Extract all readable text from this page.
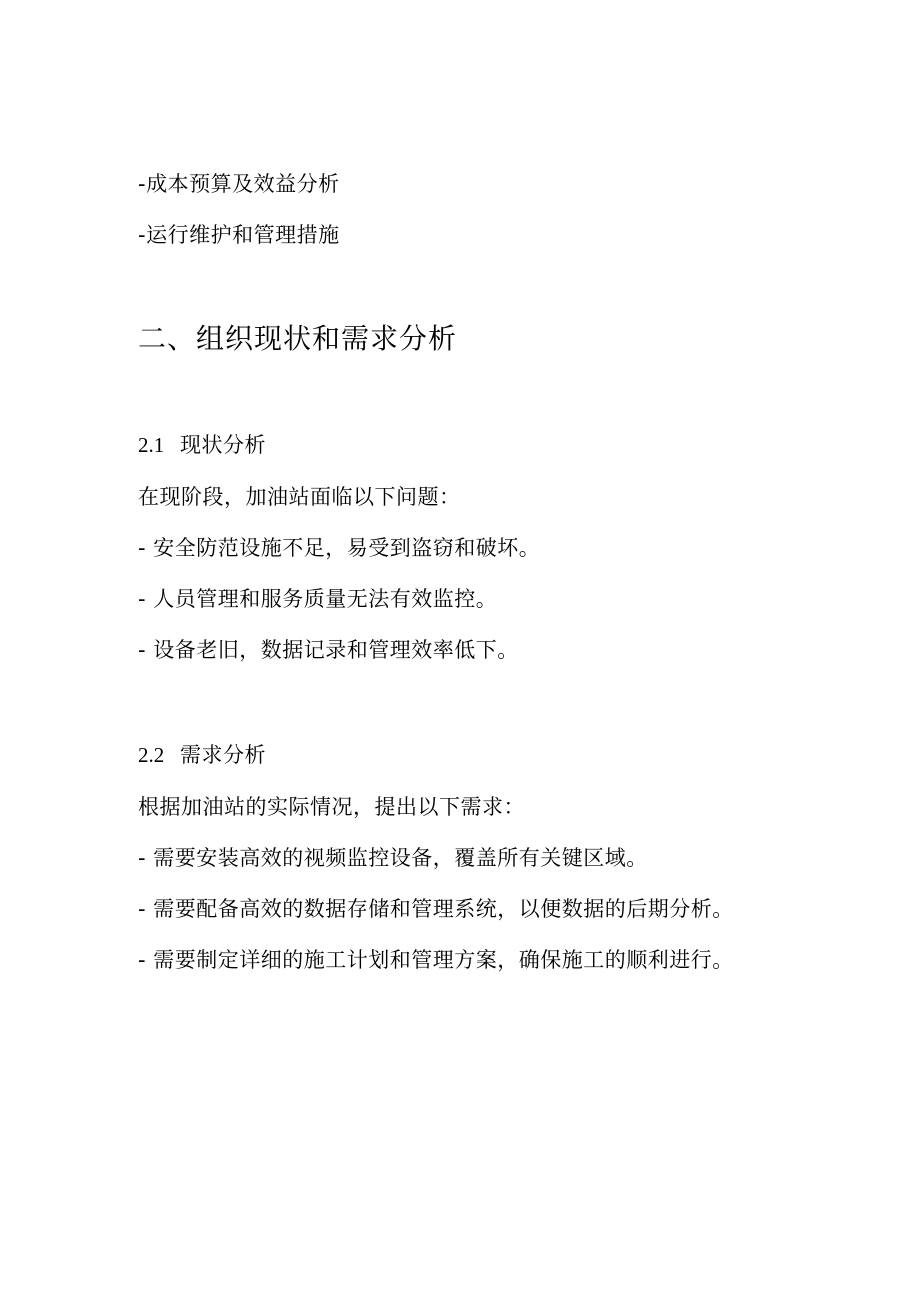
-成本预算及效益分析
-运行维护和管理措施
二、组织现状和需求分析
2.1 现状分析
在现阶段，加油站面临以下问题：
- 安全防范设施不足，易受到盗窃和破坏。
- 人员管理和服务质量无法有效监控。
- 设备老旧，数据记录和管理效率低下。
2.2 需求分析
根据加油站的实际情况，提出以下需求：
- 需要安装高效的视频监控设备，覆盖所有关键区域。
- 需要配备高效的数据存储和管理系统，以便数据的后期分析。
- 需要制定详细的施工计划和管理方案，确保施工的顺利进行。
